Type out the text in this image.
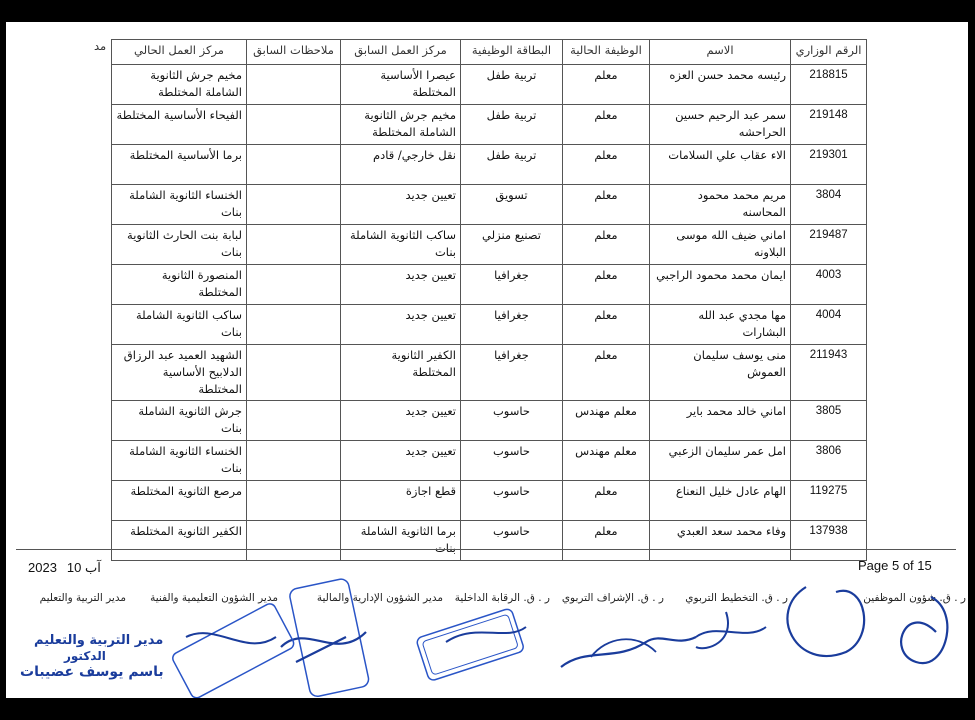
مد	الرقم الوزاري	الاسم	الوظيفة الحالية	البطاقة الوظيفية	مركز العمل السابق	ملاحظات السابق	مركز العمل الحالي
218815	رئيسه محمد حسن العزه	معلم	تربية طفل	عيصرا الأساسية المختلطة		مخيم جرش الثانوية الشاملة المختلطة
219148	سمر عبد الرحيم حسين الحراحشه	معلم	تربية طفل	مخيم جرش الثانوية الشاملة المختلطة		الفيحاء الأساسية المختلطة
219301	الاء عقاب علي السلامات	معلم	تربية طفل	نقل خارجي/ قادم		برما الأساسية المختلطة
3804	مريم محمد محمود المحاسنه	معلم	تسويق	تعيين جديد		الخنساء الثانوية الشاملة بنات
219487	اماني ضيف الله موسى البلاونه	معلم	تصنيع منزلي	ساكب الثانوية الشاملة بنات		لبابة بنت الحارث الثانوية بنات
4003	ايمان محمد محمود الراجبي	معلم	جغرافيا	تعيين جديد		المنصورة الثانوية المختلطة
4004	مها مجدي عبد الله البشارات	معلم	جغرافيا	تعيين جديد		ساكب الثانوية الشاملة بنات
211943	منى يوسف سليمان العموش	معلم	جغرافيا	الكفير الثانوية المختلطة		الشهيد العميد عبد الرزاق الدلابيح الأساسية المختلطة
3805	اماني خالد محمد باير	معلم مهندس	حاسوب	تعيين جديد		جرش الثانوية الشاملة بنات
3806	امل عمر سليمان الزعبي	معلم مهندس	حاسوب	تعيين جديد		الخنساء الثانوية الشاملة بنات
119275	الهام عادل خليل النعناع	معلم	حاسوب	قطع اجازة		مرصع الثانوية المختلطة
137938	وفاء محمد سعد العبدي	معلم	حاسوب	برما الثانوية الشاملة بنات		الكفير الثانوية المختلطة
Page 5 of 15
2023 10 آب
ر . ق. شؤون الموظفين
ر . ق. التخطيط التربوي
ر . ق. الإشراف التربوي
ر . ق. الرقابة الداخلية
مدير الشؤون الإدارية والمالية
مدير الشؤون التعليمية والفنية
مدير التربية والتعليم
مدير التربية والتعليم
الدكتور
باسم يوسف عضيبات
